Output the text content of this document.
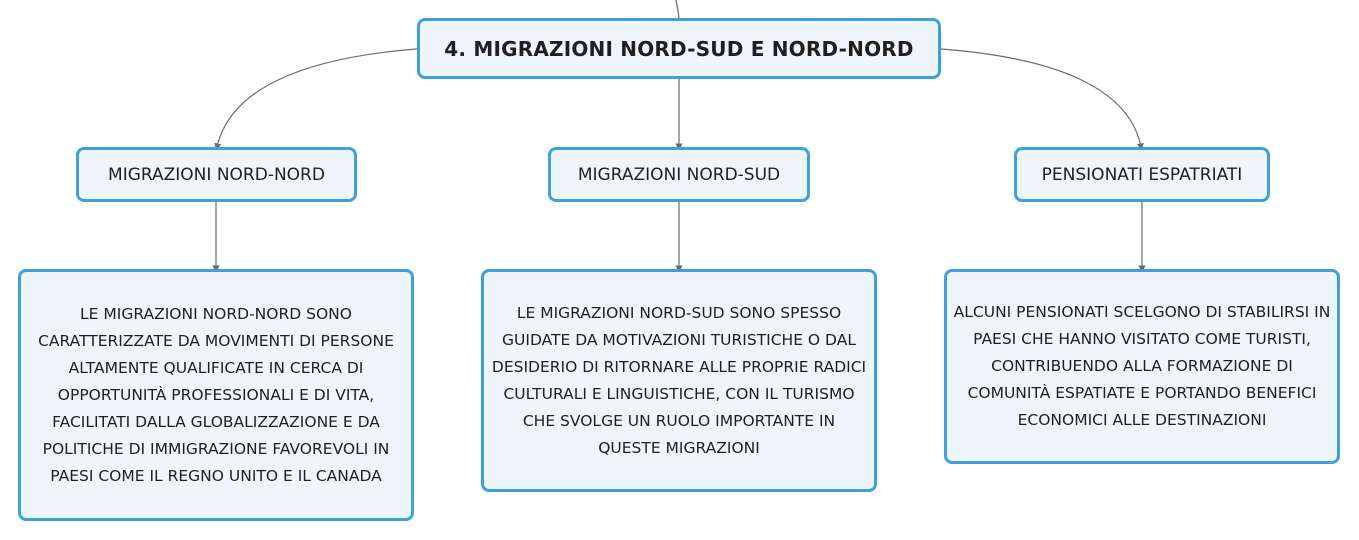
4. MIGRAZIONI NORD-SUD E NORD-NORD
MIGRAZIONI NORD-NORD	MIGRAZIONI NORD-SUD	PENSIONATI ESPATRIATI
LE MIGRAZIONI NORD-NORD SONO CARATTERIZZATE DA MOVIMENTI DI PERSONE ALTAMENTE QUALIFICATE IN CERCA DI OPPORTUNITÀ PROFESSIONALI E DI VITA, FACILITATI DALLA GLOBALIZZAZIONE E DA POLITICHE DI IMMIGRAZIONE FAVOREVOLI IN PAESI COME IL REGNO UNITO E IL CANADA
LE MIGRAZIONI NORD-SUD SONO SPESSO GUIDATE DA MOTIVAZIONI TURISTICHE O DAL DESIDERIO DI RITORNARE ALLE PROPRIE RADICI CULTURALI E LINGUISTICHE, CON IL TURISMO CHE SVOLGE UN RUOLO IMPORTANTE IN QUESTE MIGRAZIONI
ALCUNI PENSIONATI SCELGONO DI STABILIRSI IN PAESI CHE HANNO VISITATO COME TURISTI, CONTRIBUENDO ALLA FORMAZIONE DI COMUNITÀ ESPATIATE E PORTANDO BENEFICI ECONOMICI ALLE DESTINAZIONI
